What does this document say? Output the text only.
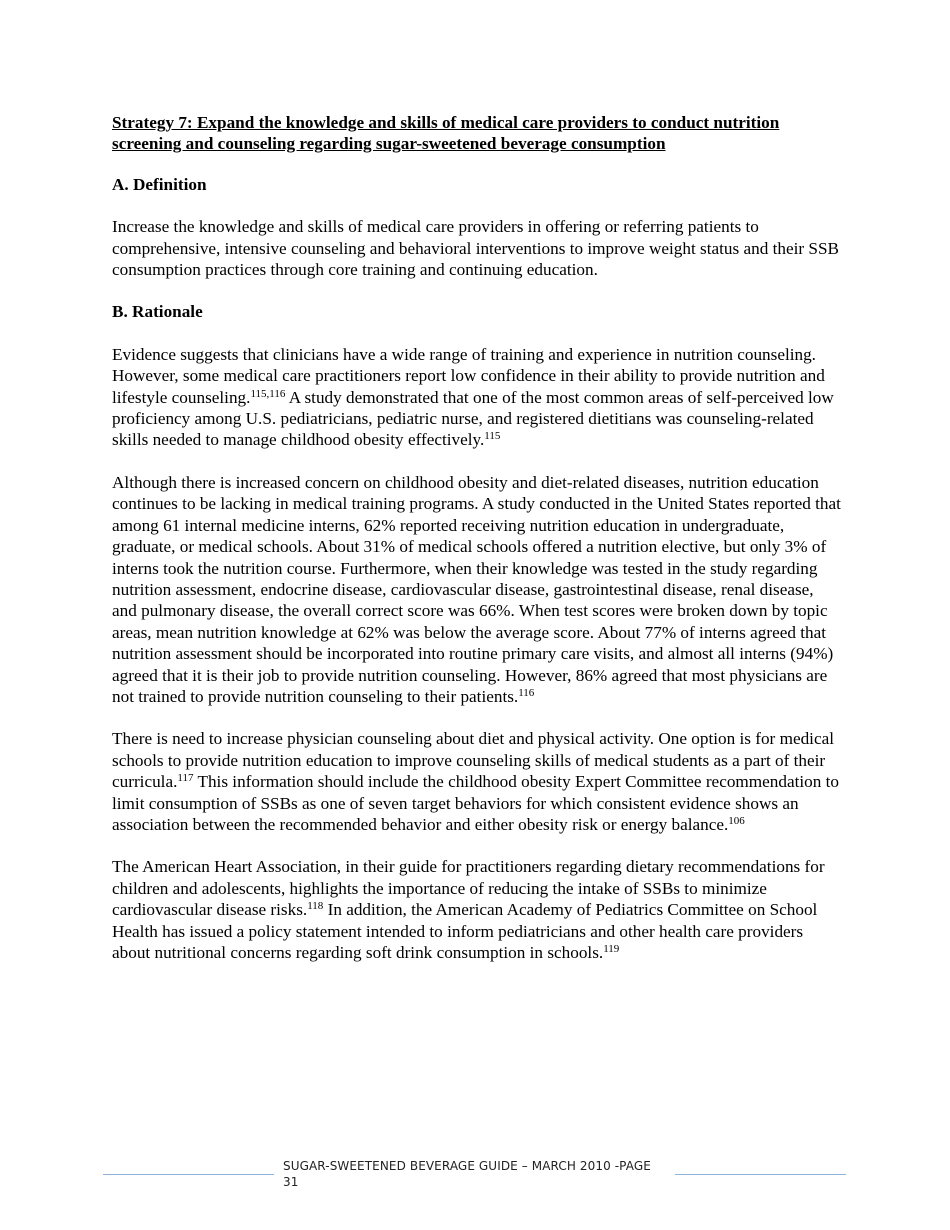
Strategy 7: Expand the knowledge and skills of medical care providers to conduct nutrition screening and counseling regarding sugar-sweetened beverage consumption

A. Definition

Increase the knowledge and skills of medical care providers in offering or referring patients to comprehensive, intensive counseling and behavioral interventions to improve weight status and their SSB consumption practices through core training and continuing education.

B. Rationale

Evidence suggests that clinicians have a wide range of training and experience in nutrition counseling. However, some medical care practitioners report low confidence in their ability to provide nutrition and lifestyle counseling.$^{115,116}$ A study demonstrated that one of the most common areas of self-perceived low proficiency among U.S. pediatricians, pediatric nurse, and registered dietitians was counseling-related skills needed to manage childhood obesity effectively.$^{115}$

Although there is increased concern on childhood obesity and diet-related diseases, nutrition education continues to be lacking in medical training programs. A study conducted in the United States reported that among 61 internal medicine interns, 62% reported receiving nutrition education in undergraduate, graduate, or medical schools. About 31% of medical schools offered a nutrition elective, but only 3% of interns took the nutrition course. Furthermore, when their knowledge was tested in the study regarding nutrition assessment, endocrine disease, cardiovascular disease, gastrointestinal disease, renal disease, and pulmonary disease, the overall correct score was 66%. When test scores were broken down by topic areas, mean nutrition knowledge at 62% was below the average score. About 77% of interns agreed that nutrition assessment should be incorporated into routine primary care visits, and almost all interns (94%) agreed that it is their job to provide nutrition counseling. However, 86% agreed that most physicians are not trained to provide nutrition counseling to their patients.$^{116}$

There is need to increase physician counseling about diet and physical activity. One option is for medical schools to provide nutrition education to improve counseling skills of medical students as a part of their curricula.$^{117}$ This information should include the childhood obesity Expert Committee recommendation to limit consumption of SSBs as one of seven target behaviors for which consistent evidence shows an association between the recommended behavior and either obesity risk or energy balance.$^{106}$

The American Heart Association, in their guide for practitioners regarding dietary recommendations for children and adolescents, highlights the importance of reducing the intake of SSBs to minimize cardiovascular disease risks.$^{118}$ In addition, the American Academy of Pediatrics Committee on School Health has issued a policy statement intended to inform pediatricians and other health care providers about nutritional concerns regarding soft drink consumption in schools.$^{119}$

SUGAR-SWEETENED BEVERAGE GUIDE – MARCH 2010 -PAGE 31
